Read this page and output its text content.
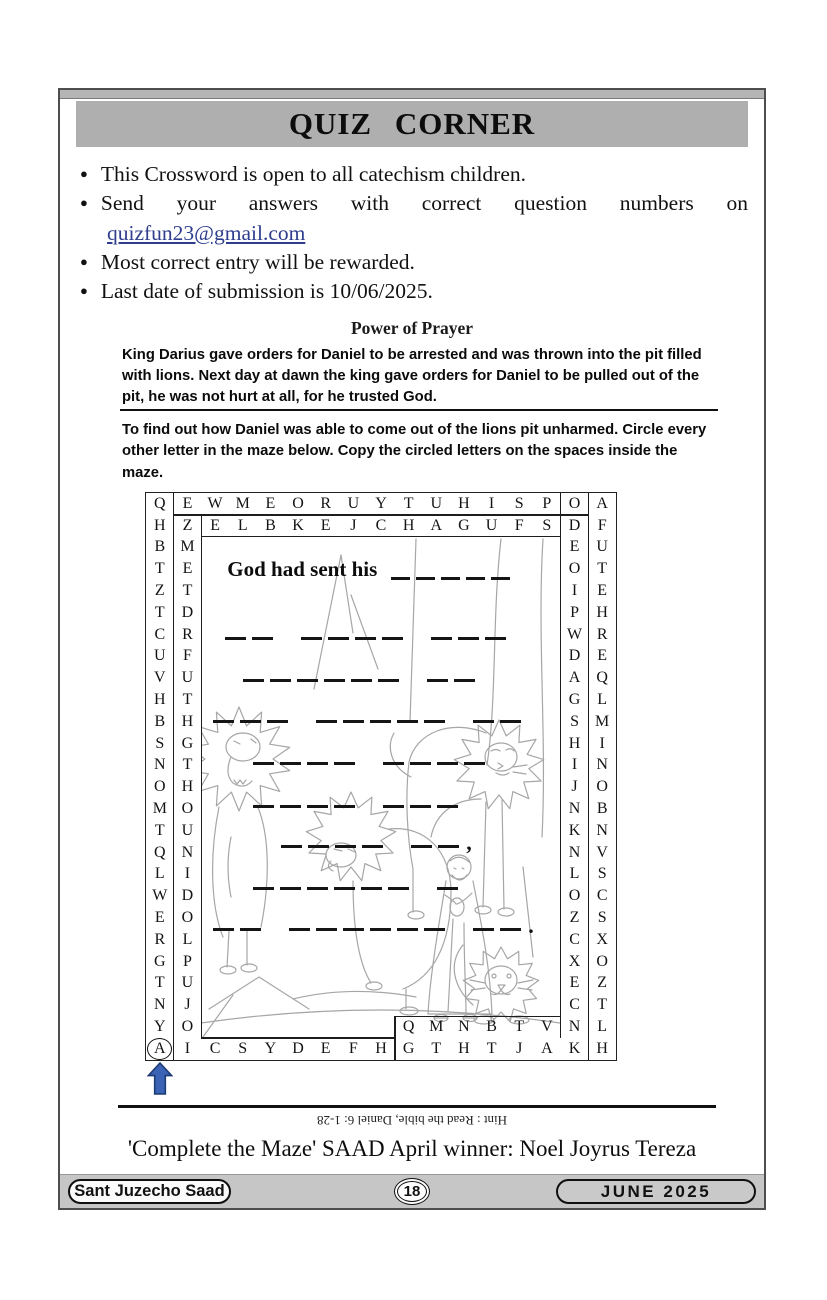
QUIZ CORNER
● This Crossword is open to all catechism children.
● Send your answers with correct question numbers on
quizfun23@gmail.com
● Most correct entry will be rewarded.
● Last date of submission is 10/06/2025.
Power of Prayer
King Darius gave orders for Daniel to be arrested and was thrown into the pit filled with lions. Next day at dawn the king gave orders for Daniel to be pulled out of the pit, he was not hurt at all, for he trusted God.
To find out how Daniel was able to come out of the lions pit unharmed. Circle every other letter in the maze below. Copy the circled letters on the spaces inside the maze.
Q	E W M E	O	R	U	Y	T	U	H	I	S	P	O	A
H	Z	E	L	B	K	E	J	C	H	A	G	U	F	S	D	F
B M	E	U
T	E	O	T
Z	T	I	E
T	D	P	H
C	R	W R
U	F	D	E
V	U	A	Q
H	T	G	L
B	H	S	M
S	G	H	I
N	T	I	N
O	H	J	O
M O	N	B
T	U	K	N
Q	N	N	V
L	I	L	S
W D	O	C
E	O	Z	S
R	L	C	X
G	P	X	O
T	U	E	Z
N	J	C	T
Y	O	Q M N	B	T	V	N	L
A	I	C	S	Y	D	E	F	H	G	T	H	T	J	A	K	H
God had sent his
,
.
Hint : Read the bible, Daniel 6: 1-28
'Complete the Maze' SAAD April winner: Noel Joyrus Tereza
Sant Juzecho Saad	18	JUNE 2025
